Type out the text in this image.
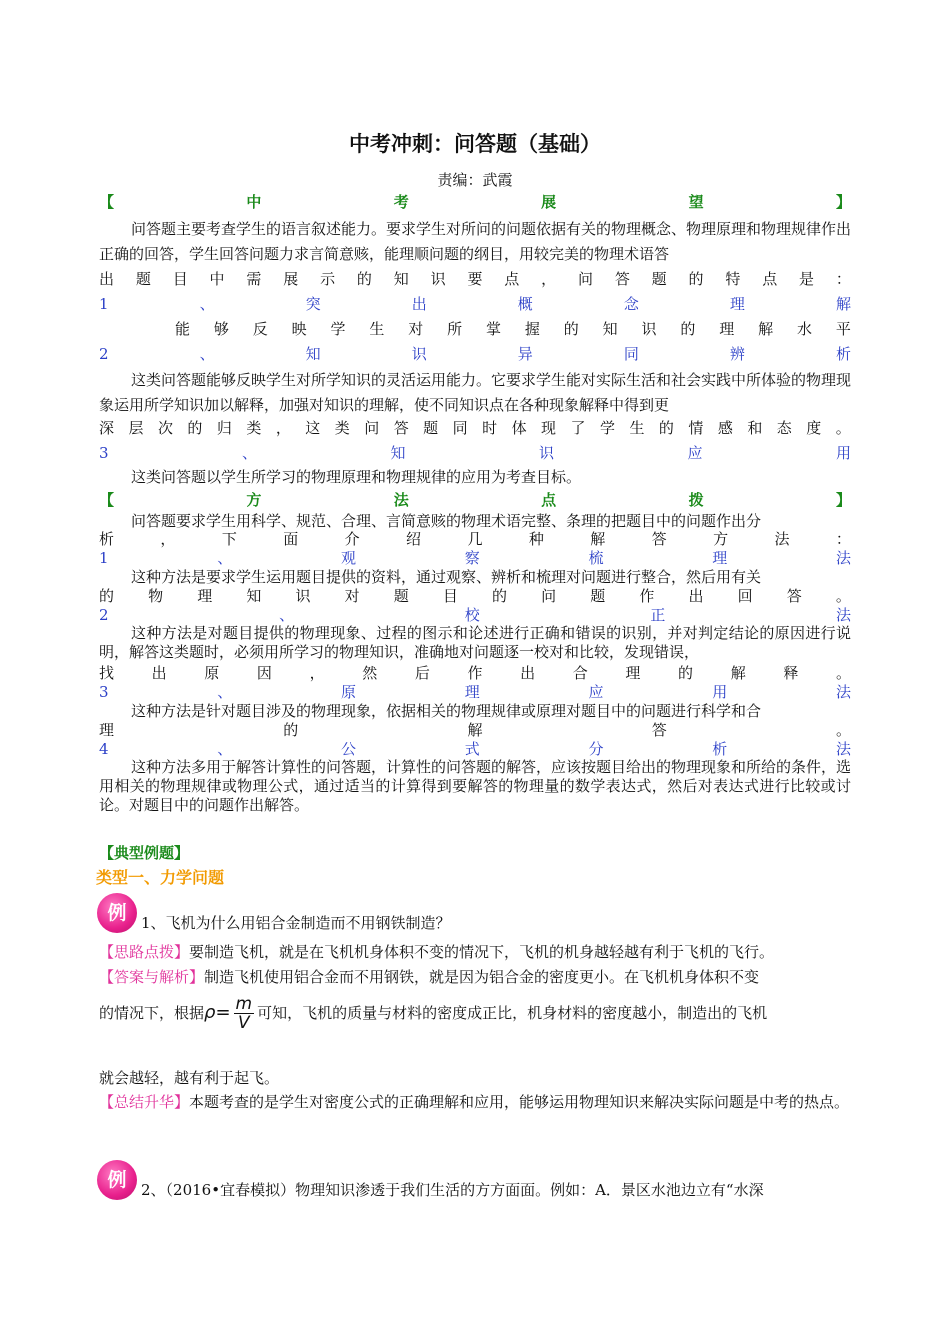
中考冲刺：问答题（基础）
责编：武霞
【	中	考	展	望	】
问答题主要考查学生的语言叙述能力。要求学生对所问的问题依据有关的物理概念、物理原理和物理规律作出正确的回答，学生回答问题力求言简意赅，能理顺问题的纲目，用较完美的物理术语答
出 题 目 中 需 展 示 的 知 识 要 点 ， 问 答 题 的 特 点 是 ：
1	、	突	出	概	念	理	解
能 够 反 映 学 生 对 所 掌 握 的 知 识 的 理 解 水 平
2	、	知	识	异	同	辨	析
这类问答题能够反映学生对所学知识的灵活运用能力。它要求学生能对实际生活和社会实践中所体验的物理现象运用所学知识加以解释，加强对知识的理解，使不同知识点在各种现象解释中得到更
深 层 次 的 归 类 ， 这 类 问 答 题 同 时 体 现 了 学 生 的 情 感 和 态 度 。
3	、	知	识	应	用
这类问答题以学生所学习的物理原理和物理规律的应用为考查目标。
【	方	法	点	拨	】
问答题要求学生用科学、规范、合理、言简意赅的物理术语完整、条理的把题目中的问题作出分
析	，	下	面	介	绍	几	种	解	答	方	法	：
1	、	观	察	梳	理	法
这种方法是要求学生运用题目提供的资料，通过观察、辨析和梳理对问题进行整合，然后用有关
的 物 理 知 识 对 题 目 的 问 题 作 出 回 答 。
2	、	校	正	法
这种方法是对题目提供的物理现象、过程的图示和论述进行正确和错误的识别，并对判定结论的原因进行说明，解答这类题时，必须用所学习的物理知识，准确地对问题逐一校对和比较，发现错误，
找	出	原	因	，	然	后	作	出	合	理	的	解	释	。
3	、	原	理	应	用	法
这种方法是针对题目涉及的物理现象，依据相关的物理规律或原理对题目中的问题进行科学和合
理	的	解	答	。
4	、	公	式	分	析	法
这种方法多用于解答计算性的问答题，计算性的问答题的解答，应该按题目给出的物理现象和所给的条件，选用相关的物理规律或物理公式，通过适当的计算得到要解答的物理量的数学表达式，然后对表达式进行比较或讨论。对题目中的问题作出解答。
【典型例题】
类型一、力学问题
例 1、飞机为什么用铝合金制造而不用钢铁制造？
【思路点拨】要制造飞机，就是在飞机机身体积不变的情况下，飞机的机身越轻越有利于飞机的飞行。
【答案与解析】制造飞机使用铝合金而不用钢铁，就是因为铝合金的密度更小。在飞机机身体积不变
的情况下，根据 $\rho = \frac{m}{V}$ 可知，飞机的质量与材料的密度成正比，机身材料的密度越小，制造出的飞机
就会越轻，越有利于起飞。
【总结升华】本题考查的是学生对密度公式的正确理解和应用，能够运用物理知识来解决实际问题是中考的热点。
例 2、（2016•宜春模拟）物理知识渗透于我们生活的方方面面。例如：A．景区水池边立有“水深
